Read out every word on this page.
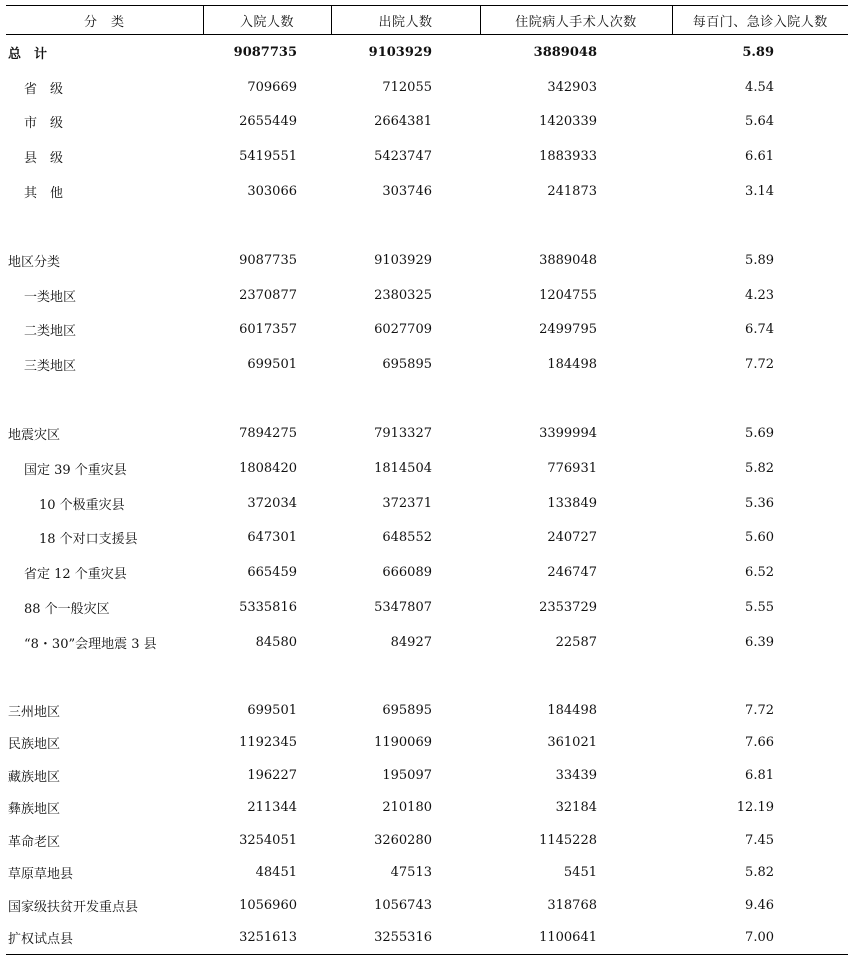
分　类	入院人数	出院人数	住院病人手术人次数	每百门、急诊入院人数
总　计	9087735	9103929	3889048	5.89
省　级	709669	712055	342903	4.54
市　级	2655449	2664381	1420339	5.64
县　级	5419551	5423747	1883933	6.61
其　他	303066	303746	241873	3.14

地区分类	9087735	9103929	3889048	5.89
一类地区	2370877	2380325	1204755	4.23
二类地区	6017357	6027709	2499795	6.74
三类地区	699501	695895	184498	7.72

地震灾区	7894275	7913327	3399994	5.69
国定 39 个重灾县	1808420	1814504	776931	5.82
10 个极重灾县	372034	372371	133849	5.36
18 个对口支援县	647301	648552	240727	5.60
省定 12 个重灾县	665459	666089	246747	6.52
88 个一般灾区	5335816	5347807	2353729	5.55
“8・30”会理地震 3 县	84580	84927	22587	6.39

三州地区	699501	695895	184498	7.72
民族地区	1192345	1190069	361021	7.66
藏族地区	196227	195097	33439	6.81
彝族地区	211344	210180	32184	12.19
革命老区	3254051	3260280	1145228	7.45
草原草地县	48451	47513	5451	5.82
国家级扶贫开发重点县	1056960	1056743	318768	9.46
扩权试点县	3251613	3255316	1100641	7.00
